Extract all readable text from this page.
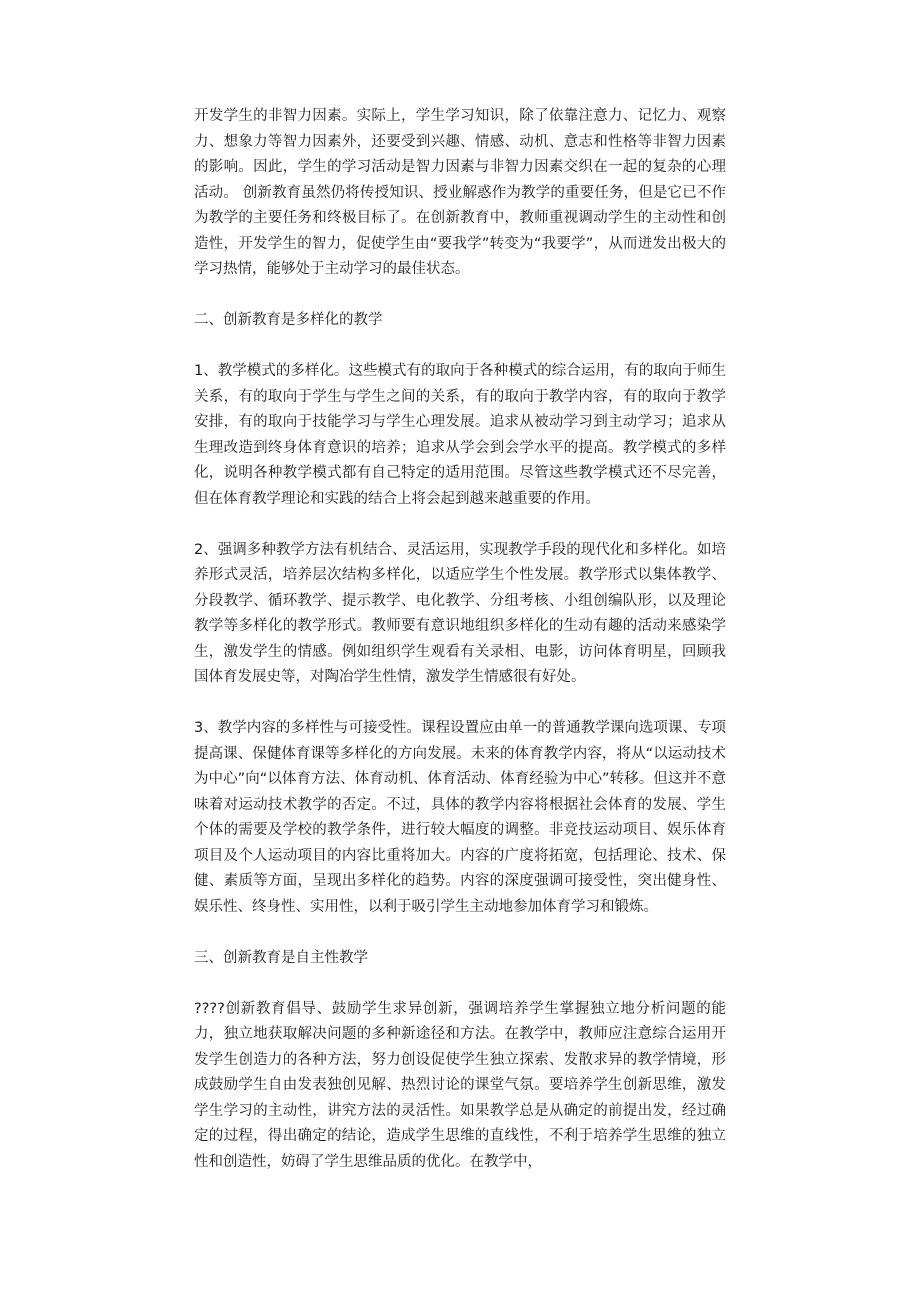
开发学生的非智力因素。实际上，学生学习知识，除了依靠注意力、记忆力、观察力、想象力等智力因素外，还要受到兴趣、情感、动机、意志和性格等非智力因素的影响。因此，学生的学习活动是智力因素与非智力因素交织在一起的复杂的心理活动。 创新教育虽然仍将传授知识、授业解惑作为教学的重要任务，但是它已不作为教学的主要任务和终极目标了。在创新教育中，教师重视调动学生的主动性和创造性，开发学生的智力，促使学生由“要我学”转变为“我要学”，从而迸发出极大的学习热情，能够处于主动学习的最佳状态。

二、创新教育是多样化的教学

1、教学模式的多样化。这些模式有的取向于各种模式的综合运用，有的取向于师生关系，有的取向于学生与学生之间的关系，有的取向于教学内容，有的取向于教学安排，有的取向于技能学习与学生心理发展。追求从被动学习到主动学习；追求从生理改造到终身体育意识的培养；追求从学会到会学水平的提高。教学模式的多样化，说明各种教学模式都有自己特定的适用范围。尽管这些教学模式还不尽完善，但在体育教学理论和实践的结合上将会起到越来越重要的作用。

2、强调多种教学方法有机结合、灵活运用，实现教学手段的现代化和多样化。如培养形式灵活，培养层次结构多样化，以适应学生个性发展。教学形式以集体教学、分段教学、循环教学、提示教学、电化教学、分组考核、小组创编队形，以及理论教学等多样化的教学形式。教师要有意识地组织多样化的生动有趣的活动来感染学生，激发学生的情感。例如组织学生观看有关录相、电影，访问体育明星，回顾我国体育发展史等，对陶冶学生性情，激发学生情感很有好处。

3、教学内容的多样性与可接受性。课程设置应由单一的普通教学课向选项课、专项提高课、保健体育课等多样化的方向发展。未来的体育教学内容，将从“以运动技术为中心”向“以体育方法、体育动机、体育活动、体育经验为中心”转移。但这并不意味着对运动技术教学的否定。不过，具体的教学内容将根据社会体育的发展、学生个体的需要及学校的教学条件，进行较大幅度的调整。非竞技运动项目、娱乐体育项目及个人运动项目的内容比重将加大。内容的广度将拓宽，包括理论、技术、保健、素质等方面，呈现出多样化的趋势。内容的深度强调可接受性，突出健身性、娱乐性、终身性、实用性，以利于吸引学生主动地参加体育学习和锻炼。

三、创新教育是自主性教学

????创新教育倡导、鼓励学生求异创新，强调培养学生掌握独立地分析问题的能力，独立地获取解决问题的多种新途径和方法。在教学中，教师应注意综合运用开发学生创造力的各种方法，努力创设促使学生独立探索、发散求异的教学情境，形成鼓励学生自由发表独创见解、热烈讨论的课堂气氛。要培养学生创新思维，激发学生学习的主动性，讲究方法的灵活性。如果教学总是从确定的前提出发，经过确定的过程，得出确定的结论，造成学生思维的直线性，不利于培养学生思维的独立性和创造性，妨碍了学生思维品质的优化。在教学中，
